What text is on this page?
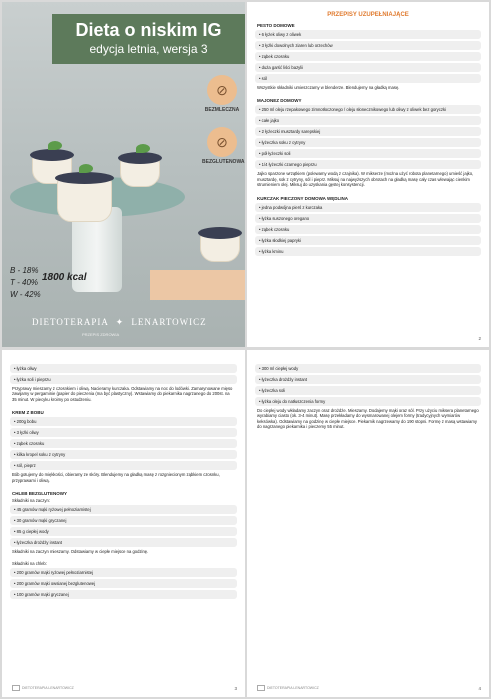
Dieta o niskim IG
edycja letnia, wersja 3
⊘
BEZMLECZNA
⊘
BEZGLUTENOWA
B - 18%
T - 40%
W - 42%
1800 kcal
DIETOTERAPIA ✦ LENARTOWICZ
PRZEPIS ZDROWIA
PRZEPISY UZUPEŁNIAJĄCE
PESTO DOMOWE
• 6 łyżek oliwy z oliwek
• 3 łyżki dowolnych ziaren lub orzechów
• ząbek czosnku
• duża garść liści bazylii
• sól
Wszystkie składniki umieszczamy w blenderze. Blendujemy na gładką masę.
MAJONEZ DOMOWY
• 250 ml oleju rzepakowego zimnotłoczonego / oleju słonecznikowego lub oliwy z oliwek bez goryczki
• całe jajko
• 2 łyżeczki musztardy sarepskiej
• łyżeczka soku z cytryny
• pół łyżeczki soli
• 1/4 łyżeczki czarnego pieprzu
Jajko sparzone wrzątkiem (polewamy wodą z czajnika). W mikserze (można użyć robota planetarnego) umieść jajko, musztardę, sok z cytryny, sól i pieprz. Miksuj na najwyższych obrotach na gładką masę cały czas wlewając cienkim strumieniem olej. Miksuj do uzyskania gęstej konsystencji.
KURCZAK PIECZONY DOMOWA WĘDLINA
• jedna podwójna pierś z kurczaka
• łyżka suszonego oregano
• ząbek czosnku
• łyżka słodkiej papryki
• łyżka kminu
2
• łyżka oliwy
• łyżka soli i pieprzu
Przyprawy mieszamy z czosnkiem i oliwą. Nacieramy kurczaka. Odstawiamy na noc do lodówki. Zamarynowane mięso zawijamy w pergaminie (papier do pieczenia (ma być plastyczny). Wstawiamy do piekarnika nagrzanego do 200st. na 35 minut. W piecyku kroimy po ostudzeniu.
KREM Z BOBU
• 200g bobu
• 3 łyżki oliwy
• ząbek czosnku
• kilka kropel soku z cytryny
• sól, pieprz
Bób gotujemy do miękkości, obieramy ze skóry. Blendujemy na gładką masę z rozgniecionym ząbkiem czosnku, przyprawami i oliwą.
CHLEB BEZGLUTENOWY
Składniki na zaczyn:
• 45 gramów mąki ryżowej pełnoziarnistej
• 30 gramów mąki gryczanej
• 85 g ciepłej wody
• łyżeczka drożdży instant
Składniki na zaczyn mieszamy. Odstawiamy w ciepłe miejsce na godzinę.
Składniki na chleb:
• 200 gramów mąki ryżowej pełnoziarnistej
• 200 gramów mąki owsianej bezglutenowej
• 100 gramów mąki gryczanej
DIETOTERAPIA LENARTOWICZ	3
• 300 ml ciepłej wody
• łyżeczka drożdży instant
• łyżeczka soli
• łyżka oleju do natłuszczenia formy
Do ciepłej wody wkładamy zaczyn oraz drożdże. Mieszamy. Dodajemy mąki oraz sól. Przy użyciu miksera planetarnego wyrabiamy ciasto (ok. 3-4 minut). Masę przekładamy do wysmarowanej olejem formy (tradycyjnych wymiarów keksówka). Odstawiamy na godzinę w ciepłe miejsce. Piekarnik nagrzewamy do 190 stopni. Formę z masą wstawiamy do nagrzanego piekarnika i pieczemy 55 minut.
DIETOTERAPIA LENARTOWICZ	4
